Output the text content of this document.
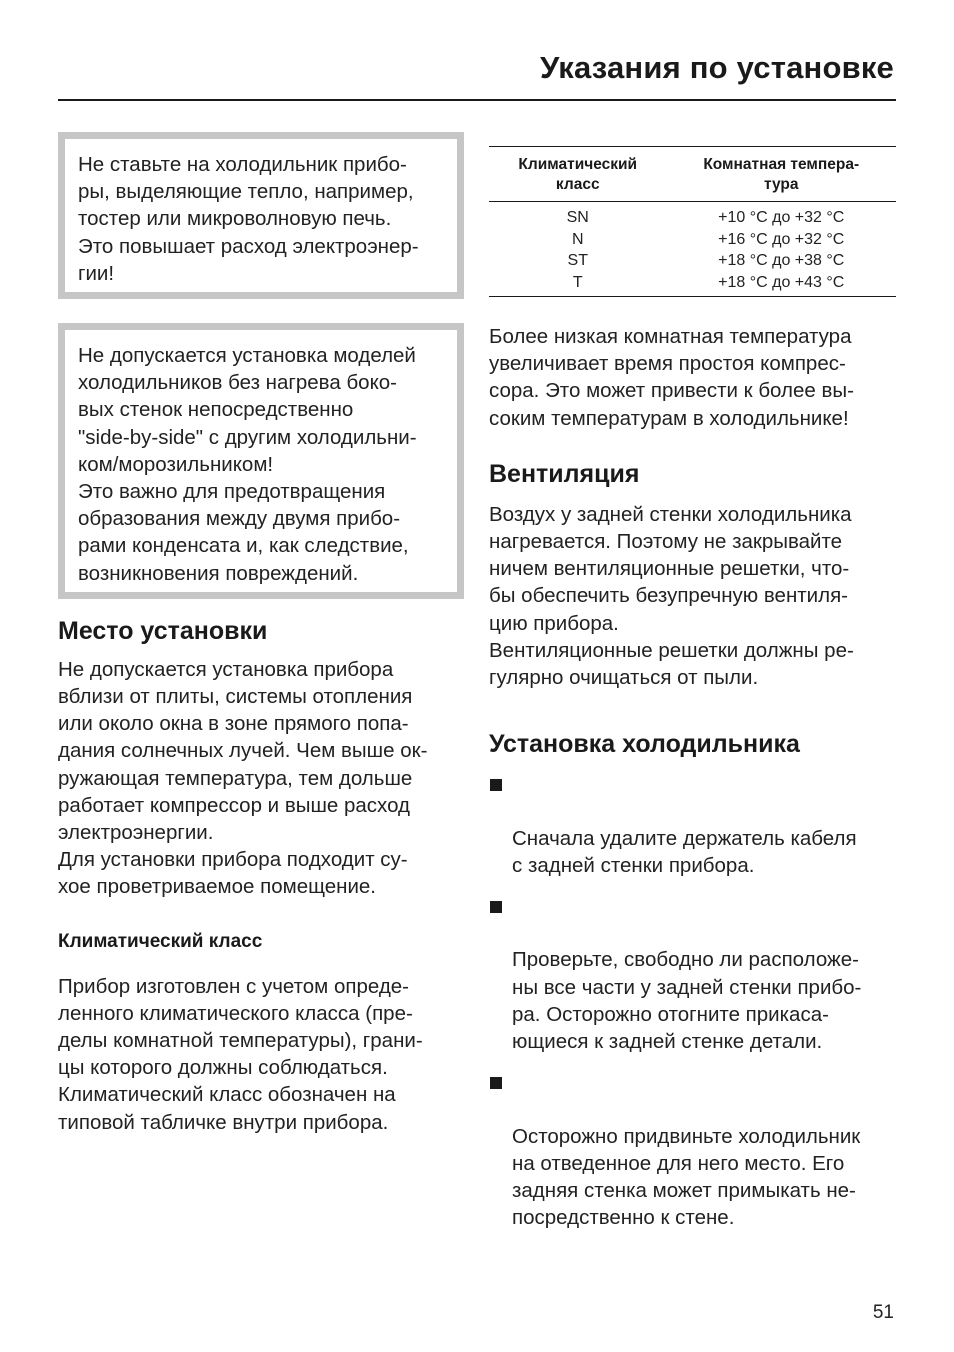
Указания по установке
Не ставьте на холодильник прибо-
ры, выделяющие тепло, например,
тостер или микроволновую печь.
Это повышает расход электроэнер-
гии!
Не допускается установка моделей
холодильников без нагрева боко-
вых стенок непосредственно
"side-by-side" с другим холодильни-
ком/морозильником!
Это важно для предотвращения
образования между двумя прибо-
рами конденсата и, как следствие,
возникновения повреждений.
Место установки

Не допускается установка прибора
вблизи от плиты, системы отопления
или около окна в зоне прямого попа-
дания солнечных лучей. Чем выше ок-
ружающая температура, тем дольше
работает компрессор и выше расход
электроэнергии.
Для установки прибора подходит су-
хое проветриваемое помещение.

Климатический класс

Прибор изготовлен с учетом опреде-
ленного климатического класса (пре-
делы комнатной температуры), грани-
цы которого должны соблюдаться.
Климатический класс обозначен на
типовой табличке внутри прибора.

Климатический
класс	Комнатная темпера-
тура
SN	+10 °C до +32 °C
N	+16 °C до +32 °C
ST	+18 °C до +38 °C
T	+18 °C до +43 °C

Более низкая комнатная температура
увеличивает время простоя компрес-
сора. Это может привести к более вы-
соким температурам в холодильнике!

Вентиляция

Воздух у задней стенки холодильника
нагревается. Поэтому не закрывайте
ничем вентиляционные решетки, что-
бы обеспечить безупречную вентиля-
цию прибора.
Вентиляционные решетки должны ре-
гулярно очищаться от пыли.

Установка холодильника

Сначала удалите держатель кабеля
с задней стенки прибора.

Проверьте, свободно ли расположе-
ны все части у задней стенки прибо-
ра. Осторожно отогните прикаса-
ющиеся к задней стенке детали.

Осторожно придвиньте холодильник
на отведенное для него место. Его
задняя стенка может примыкать не-
посредственно к стене.

51
